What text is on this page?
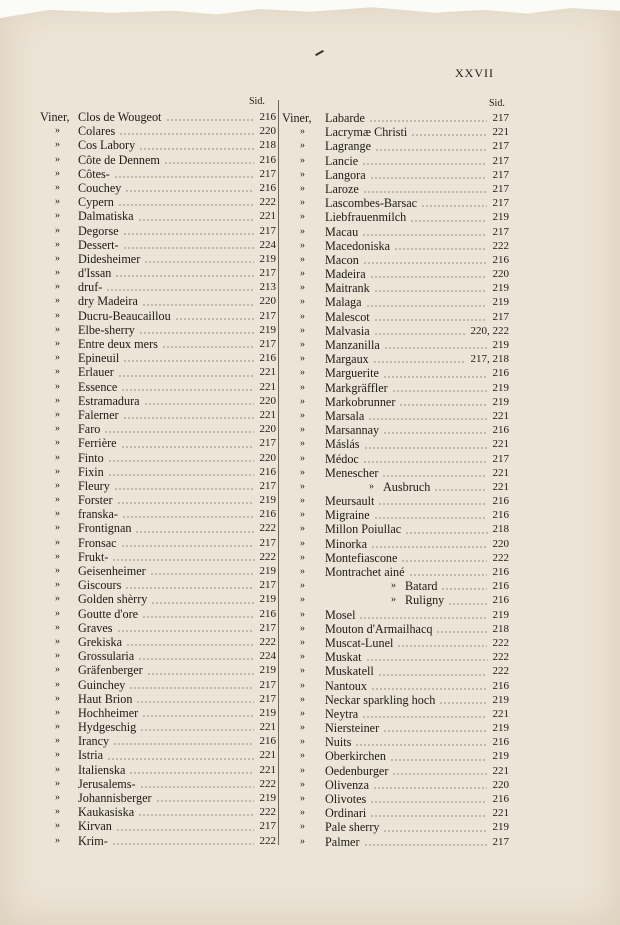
XXVII
Sid.	Sid.
Viner, Clos de Wougeot	216
» Colares	220
» Cos Labory	218
» Côte de Dennem	216
» Côtes-	217
» Couchey	216
» Cypern	222
» Dalmatiska	221
» Degorse	217
» Dessert-	224
» Didesheimer	219
» d'Issan	217
» druf-	213
» dry Madeira	220
» Ducru-Beaucaillou	217
» Elbe-sherry	219
» Entre deux mers	217
» Epineuil	216
» Erlauer	221
» Essence	221
» Estramadura	220
» Falerner	221
» Faro	220
» Ferrière	217
» Finto	220
» Fixin	216
» Fleury	217
» Forster	219
» franska-	216
» Frontignan	222
» Fronsac	217
» Frukt-	222
» Geisenheimer	219
» Giscours	217
» Golden shèrry	219
» Goutte d'ore	216
» Graves	217
» Grekiska	222
» Grossularia	224
» Gräfenberger	219
» Guinchey	217
» Haut Brion	217
» Hochheimer	219
» Hydgeschig	221
» Irancy	216
» Istria	221
» Italienska	221
» Jerusalems-	222
» Johannisberger	219
» Kaukasiska	222
» Kirvan	217
» Krim-	222
Viner, Labarde	217
» Lacrymæ Christi	221
» Lagrange	217
» Lancie	217
» Langora	217
» Laroze	217
» Lascombes-Barsac	217
» Liebfrauenmilch	219
» Macau	217
» Macedoniska	222
» Macon	216
» Madeira	220
» Maitrank	219
» Malaga	219
» Malescot	217
» Malvasia	220, 222
» Manzanilla	219
» Margaux	217, 218
» Marguerite	216
» Markgräffler	219
» Markobrunner	219
» Marsala	221
» Marsannay	216
» Máslás	221
» Médoc	217
» Menescher	221
»	» Ausbruch	221
» Meursault	216
» Migraine	216
» Millon Poiullac	218
» Minorka	220
» Montefiascone	222
» Montrachet ainé	216
»	» Batard	216
»	» Ruligny	216
» Mosel	219
» Mouton d'Armailhacq	218
» Muscat-Lunel	222
» Muskat	222
» Muskatell	222
» Nantoux	216
» Neckar sparkling hoch	219
» Neytra	221
» Niersteiner	219
» Nuits	216
» Oberkirchen	219
» Oedenburger	221
» Olivenza	220
» Olivotes	216
» Ordinari	221
» Pale sherry	219
» Palmer	217
